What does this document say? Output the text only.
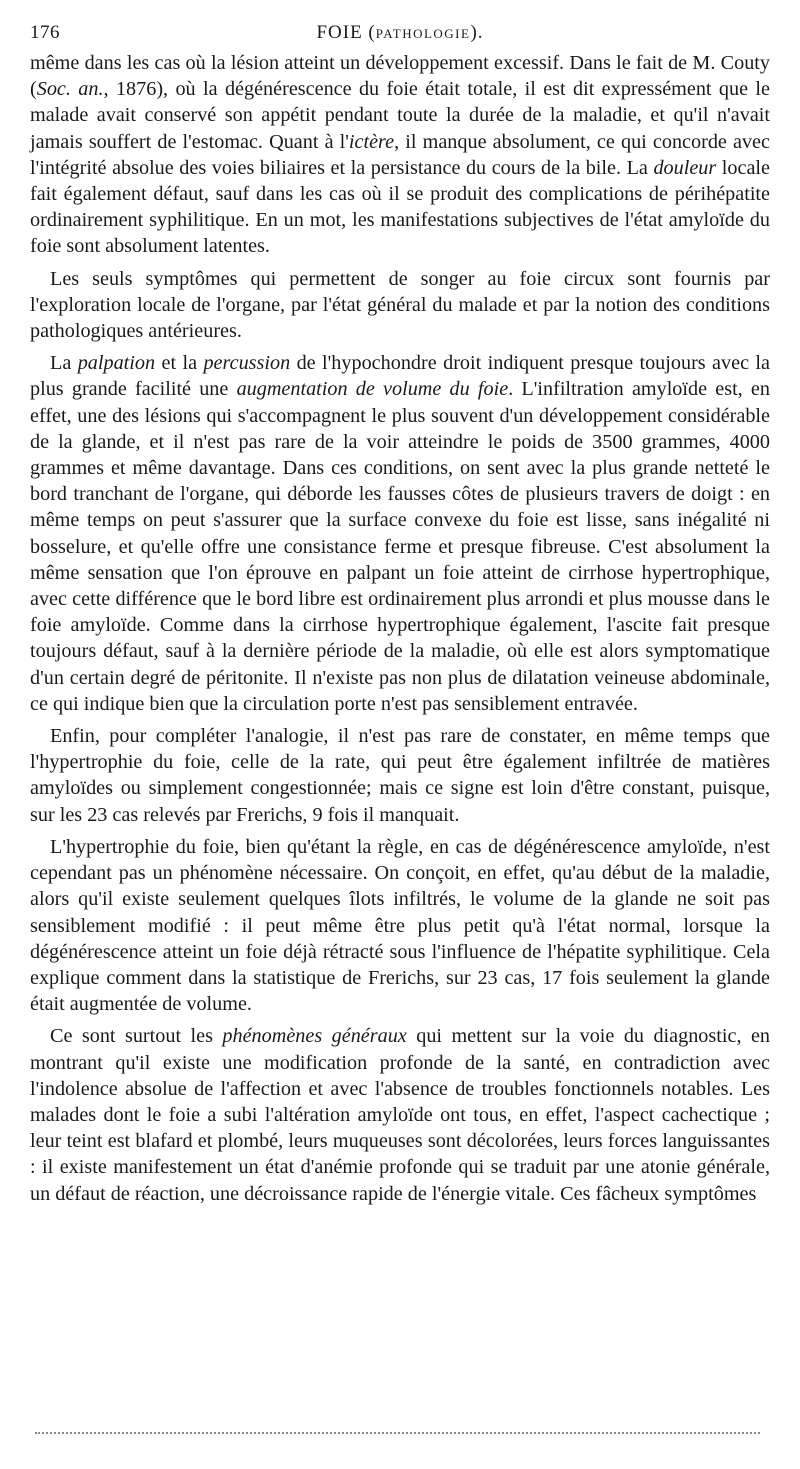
176	FOIE (PATHOLOGIE).

même dans les cas où la lésion atteint un développement excessif. Dans le fait de M. Couty (Soc. an., 1876), où la dégénérescence du foie était totale, il est dit expressément que le malade avait conservé son appétit pendant toute la durée de la maladie, et qu'il n'avait jamais souffert de l'estomac. Quant à l'ictère, il manque absolument, ce qui concorde avec l'intégrité absolue des voies biliaires et la persistance du cours de la bile. La douleur locale fait également défaut, sauf dans les cas où il se produit des complications de périhépatite ordinairement syphilitique. En un mot, les manifestations subjectives de l'état amyloïde du foie sont absolument latentes.

Les seuls symptômes qui permettent de songer au foie circux sont fournis par l'exploration locale de l'organe, par l'état général du malade et par la notion des conditions pathologiques antérieures.

La palpation et la percussion de l'hypochondre droit indiquent presque toujours avec la plus grande facilité une augmentation de volume du foie. L'infiltration amyloïde est, en effet, une des lésions qui s'accompagnent le plus souvent d'un développement considérable de la glande, et il n'est pas rare de la voir atteindre le poids de 3500 grammes, 4000 grammes et même davantage. Dans ces conditions, on sent avec la plus grande netteté le bord tranchant de l'organe, qui déborde les fausses côtes de plusieurs travers de doigt : en même temps on peut s'assurer que la surface convexe du foie est lisse, sans inégalité ni bosselure, et qu'elle offre une consistance ferme et presque fibreuse. C'est absolument la même sensation que l'on éprouve en palpant un foie atteint de cirrhose hypertrophique, avec cette différence que le bord libre est ordinairement plus arrondi et plus mousse dans le foie amyloïde. Comme dans la cirrhose hypertrophique également, l'ascite fait presque toujours défaut, sauf à la dernière période de la maladie, où elle est alors symptomatique d'un certain degré de péritonite. Il n'existe pas non plus de dilatation veineuse abdominale, ce qui indique bien que la circulation porte n'est pas sensiblement entravée.

Enfin, pour compléter l'analogie, il n'est pas rare de constater, en même temps que l'hypertrophie du foie, celle de la rate, qui peut être également infiltrée de matières amyloïdes ou simplement congestionnée; mais ce signe est loin d'être constant, puisque, sur les 23 cas relevés par Frerichs, 9 fois il manquait.

L'hypertrophie du foie, bien qu'étant la règle, en cas de dégénérescence amyloïde, n'est cependant pas un phénomène nécessaire. On conçoit, en effet, qu'au début de la maladie, alors qu'il existe seulement quelques îlots infiltrés, le volume de la glande ne soit pas sensiblement modifié : il peut même être plus petit qu'à l'état normal, lorsque la dégénérescence atteint un foie déjà rétracté sous l'influence de l'hépatite syphilitique. Cela explique comment dans la statistique de Frerichs, sur 23 cas, 17 fois seulement la glande était augmentée de volume.

Ce sont surtout les phénomènes généraux qui mettent sur la voie du diagnostic, en montrant qu'il existe une modification profonde de la santé, en contradiction avec l'indolence absolue de l'affection et avec l'absence de troubles fonctionnels notables. Les malades dont le foie a subi l'altération amyloïde ont tous, en effet, l'aspect cachectique ; leur teint est blafard et plombé, leurs muqueuses sont décolorées, leurs forces languissantes : il existe manifestement un état d'anémie profonde qui se traduit par une atonie générale, un défaut de réaction, une décroissance rapide de l'énergie vitale. Ces fâcheux symptômes
